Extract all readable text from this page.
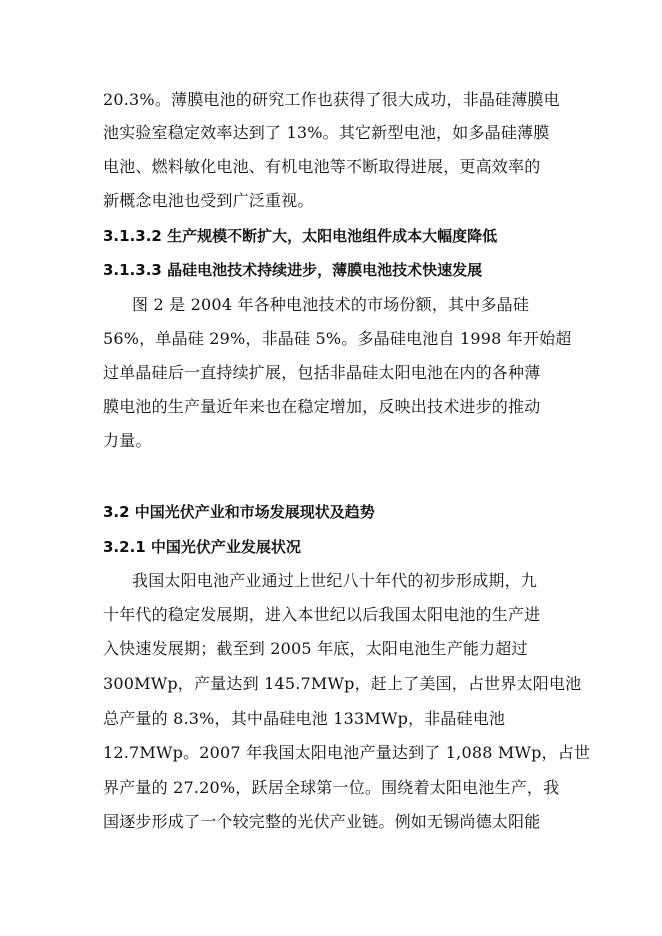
20.3%。薄膜电池的研究工作也获得了很大成功，非晶硅薄膜电
池实验室稳定效率达到了 13%。其它新型电池，如多晶硅薄膜
电池、燃料敏化电池、有机电池等不断取得进展，更高效率的
新概念电池也受到广泛重视。
3.1.3.2 生产规模不断扩大，太阳电池组件成本大幅度降低
3.1.3.3 晶硅电池技术持续进步，薄膜电池技术快速发展
图 2 是 2004 年各种电池技术的市场份额，其中多晶硅
56%，单晶硅 29%，非晶硅 5%。多晶硅电池自 1998 年开始超
过单晶硅后一直持续扩展，包括非晶硅太阳电池在内的各种薄
膜电池的生产量近年来也在稳定增加，反映出技术进步的推动
力量。
3.2 中国光伏产业和市场发展现状及趋势
3.2.1 中国光伏产业发展状况
我国太阳电池产业通过上世纪八十年代的初步形成期，九
十年代的稳定发展期，进入本世纪以后我国太阳电池的生产进
入快速发展期；截至到 2005 年底，太阳电池生产能力超过
300MWp，产量达到 145.7MWp，赶上了美国，占世界太阳电池
总产量的 8.3%，其中晶硅电池 133MWp，非晶硅电池
12.7MWp。2007 年我国太阳电池产量达到了 1,088 MWp，占世
界产量的 27.20%，跃居全球第一位。围绕着太阳电池生产，我
国逐步形成了一个较完整的光伏产业链。例如无锡尚德太阳能
